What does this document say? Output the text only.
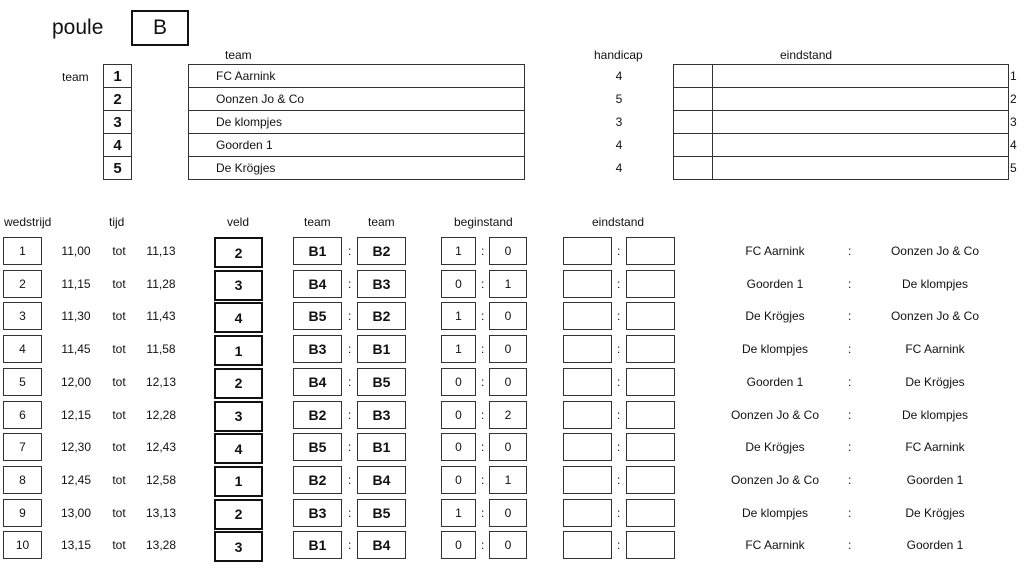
poule	B
team	handicap	eindstand
team	1	FC Aarnink	4	1
2	Oonzen Jo & Co	5	2
3	De klompjes	3	3
4	Goorden 1	4	4
5	De Krögjes	4	5
wedstrijd	tijd	veld	team	team	beginstand	eindstand
1	11,00	tot	11,13	2	B1	:	B2	1	:	0	:	FC Aarnink	:	Oonzen Jo & Co
2	11,15	tot	11,28	3	B4	:	B3	0	:	1	:	Goorden 1	:	De klompjes
3	11,30	tot	11,43	4	B5	:	B2	1	:	0	:	De Krögjes	:	Oonzen Jo & Co
4	11,45	tot	11,58	1	B3	:	B1	1	:	0	:	De klompjes	:	FC Aarnink
5	12,00	tot	12,13	2	B4	:	B5	0	:	0	:	Goorden 1	:	De Krögjes
6	12,15	tot	12,28	3	B2	:	B3	0	:	2	:	Oonzen Jo & Co	:	De klompjes
7	12,30	tot	12,43	4	B5	:	B1	0	:	0	:	De Krögjes	:	FC Aarnink
8	12,45	tot	12,58	1	B2	:	B4	0	:	1	:	Oonzen Jo & Co	:	Goorden 1
9	13,00	tot	13,13	2	B3	:	B5	1	:	0	:	De klompjes	:	De Krögjes
10	13,15	tot	13,28	3	B1	:	B4	0	:	0	:	FC Aarnink	:	Goorden 1
